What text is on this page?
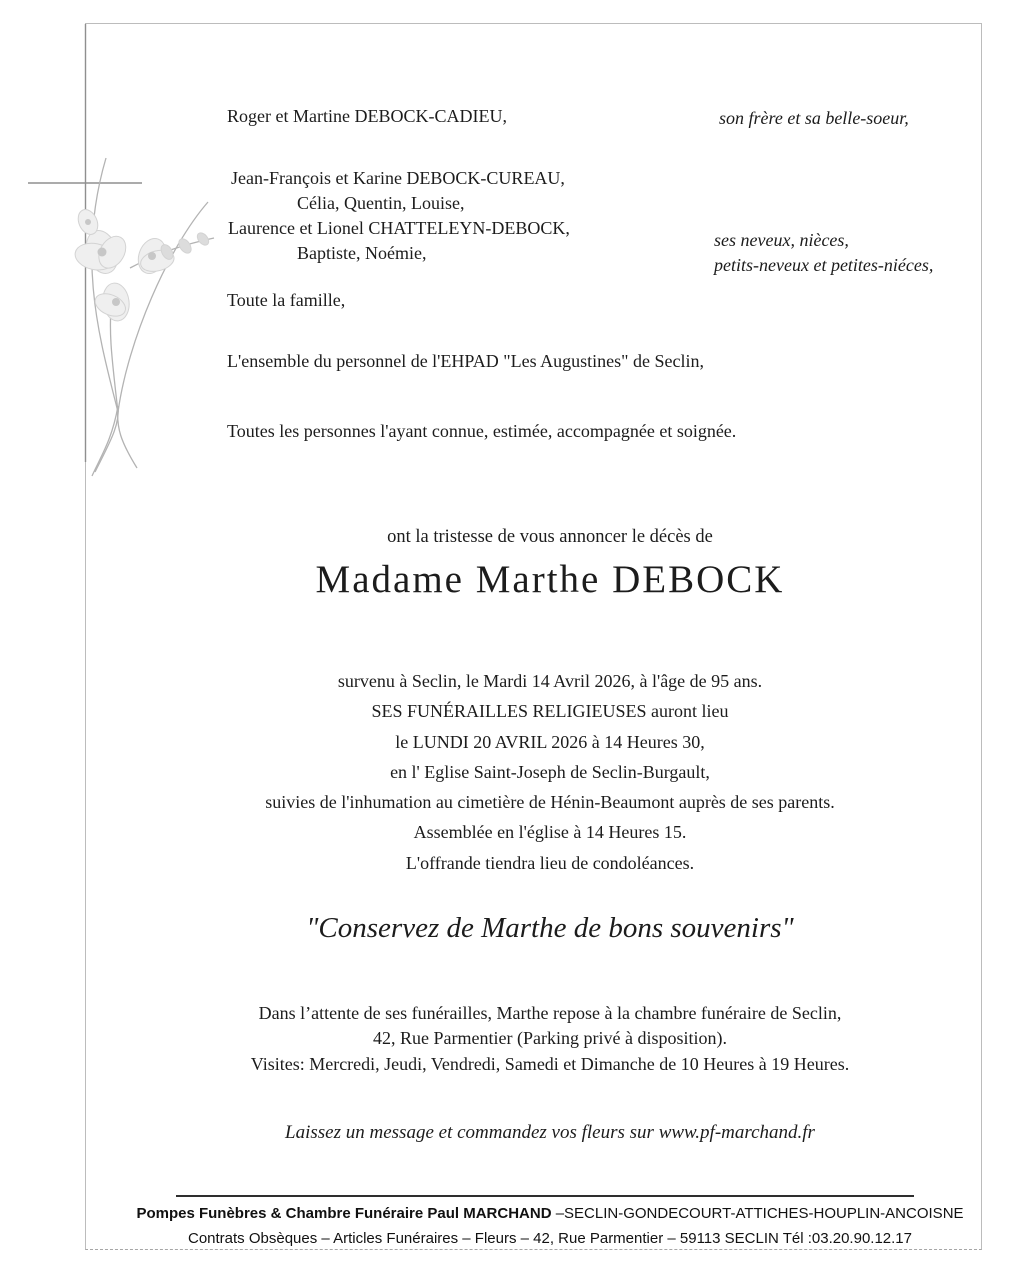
Roger et Martine DEBOCK-CADIEU,	son frère et sa belle-soeur,
Jean-François et Karine DEBOCK-CUREAU,
Célia, Quentin, Louise,
Laurence et Lionel CHATTELEYN-DEBOCK,
Baptiste, Noémie,
ses neveux, nièces,
petits-neveux et petites-niéces,
Toute la famille,
L'ensemble du personnel de l'EHPAD "Les Augustines" de Seclin,
Toutes les personnes l'ayant connue, estimée, accompagnée et soignée.
ont la tristesse de vous annoncer le décès de
Madame Marthe DEBOCK
survenu à Seclin, le Mardi 14 Avril 2026, à l'âge de 95 ans.
SES FUNÉRAILLES RELIGIEUSES auront lieu
le LUNDI 20 AVRIL 2026 à 14 Heures 30,
en l' Eglise Saint-Joseph de Seclin-Burgault,
suivies de l'inhumation au cimetière de Hénin-Beaumont auprès de ses parents.
Assemblée en l'église à 14 Heures 15.
L'offrande tiendra lieu de condoléances.
"Conservez de Marthe de bons souvenirs"
Dans l’attente de ses funérailles, Marthe repose à la chambre funéraire de Seclin,
42, Rue Parmentier (Parking privé à disposition).
Visites: Mercredi, Jeudi, Vendredi, Samedi et Dimanche de 10 Heures à 19 Heures.
Laissez un message et commandez vos fleurs sur www.pf-marchand.fr
Pompes Funèbres & Chambre Funéraire Paul MARCHAND –SECLIN-GONDECOURT-ATTICHES-HOUPLIN-ANCOISNE
Contrats Obsèques – Articles Funéraires – Fleurs – 42, Rue Parmentier – 59113 SECLIN Tél :03.20.90.12.17
